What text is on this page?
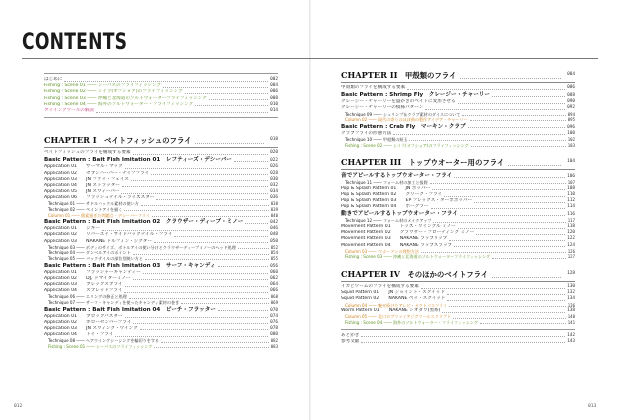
CONTENTS
はじめに	002
Fishing : Scene 01 ―― シーバスのフライフィッシング	004
Fishing : Scene 02 ―― シイラ(オフショア)のフライフィッシング	006
Fishing : Scene 03 ―― 沖縄と北海道のソルトウォーターフライフィッシング	008
Fishing : Scene 04 ―― 海外のソルトウォーター・フライフィッシング	010
タイイングツールの解説	014
CHAPTER I　 ベイトフィッシュのフライ	018
ベイトフィッシュのフライを構成する要素	020
Basic Pattern : Bait Fish Imitation 01　レフティーズ・デシーバー	022
Application 01　　サーマル・マック	026
Application 02　　セブンハーバー・ナイフフライ	028
Application 03　　JN ファイ・フェイス	030
Application 04　　JN ストラッター	032
Application 05　　JN スウィーパー	034
Application 06　　フラッシュテイル・ライズスター	036
Technique 01 ―― サドルハックル素材の使い方	038
Technique 02 ―― ペイントアイを描く	039
Column 01 ―― 簡素過ぎた問題点・デシーバーフライ	040
Basic Pattern : Bait Fish Imitation 02　クラウザー・ディープ・ミノー	042
Application 01　　ジギー	046
Application 02　　リバーユイ・サイドバックテイル・フライ	048
Application 03　　NAKANE ドルフィン・ジグター	050
Technique 03 ―― ボディのサイズ、ボトルアイの使い分けとクラウザーディープミノーのヘッド処理	052
Technique 04 ―― ダンベルアイのポイント	054
Technique 05 ―― バックテイルの部位別使い方と	055
Basic Pattern : Bait Fish Imitation 03　サーフ・キャンディ	056
Application 01　　フラッシャーキャンディー	060
Application 02　　DJ, ドマイターミノー	062
Application 03　　ブレックスブライ	064
Application 04　　スプレッドフライ	066
Technique 06 ―― エリングの修正と処理	068
Technique 07 ―― サーフ・キャンディを使ったキャンディ素材の巻き	069
Basic Pattern : Bait Fish Imitation 04　ビーチ・フラッター	070
Application 01　　ブロックバスター	074
Application 02　　ホローセンバーフライ	076
Application 03　　JN スウィング・ウイング	078
Application 04　　トイ・フライ	080
Technique 08 ―― ヘアウイングシーシングを輪切りをする	082
Fishing : Scene 01 ―― シーバスのフライフィッシング	083
CHAPTER II　 甲殻類のフライ	084
甲殻類のフライを構成する要素	086
Basic Pattern : Shrimp Fly　クレージー・チャーリー	088
クレージー・チャーリーを盛かきのベイトに変形させる	090
クレージー・チャーリーの模様パターン	092
Technique 09 ―― シュリンプ＆クラブ素材のダイスについて	094
Column 02 ―― 現代の寄りのほぼ曲の製作アイデア・チャーリー	095
Basic Pattern : Crab Fly　マーキン・クラブ	096
クラブフライの形態方法	100
Technique 10 ―― 甲殻類の鉛玉	102
Fishing : Scene 02 ―― シイラ(オフショア)のフライフィッシング	103
CHAPTER III　 トップウオーター用のフライ	104
音でアピールするトップウオーター・フライ	106
Technique 11 ―― フォーム材の加工と扱際	107
Pop & Splash Pattern 01　　JN ポッパー	108
Pop & Splash Pattern 02　　クリーク・フライ	110
Pop & Splash Pattern 03　　EP フレックス・ターボポッパー	112
Pop & Splash Pattern 04　　ボーグラー	114
動きでアピールするトップウオーター・フライ	116
Technique 12 ―― フォーム材のメイクアップ	117
Movement Pattern 01　　トッズ・ワイングル ミノー	118
Movement Pattern 02　　クラウザー・フローティング ミノー	120
Movement Pattern 03　　NAKANE ラップリップ	122
Movement Pattern 04　　NAKANE ラップスラップ	124
Column 03 ―― マホードンの理想方法	126
Fishing : Scene 03 ―― 沖縄と北海道のソルトウォーターフライフィッシング	127
CHAPTER IV　 そのほかのベイトフライ	128
イカとワームのフライを構成する要素	130
Squid Pattern 01　　JN ジョイント・スクイッド	132
Squid Pattern 02　　NAKANE ベイ・スクイッド	134
Column 04 ―― 魅せ続けたアレビ・オクトパスフライ	136
Worm Pattern 01　　NAKANE シオダワ(黒系)	138
Column 05 ―― 北口ロブファイアジグツールスクリプト	140
Fishing : Scene 04 ―― 海外のソルトウォーター・フライフィッシング	141
あとがき	142
参考文献	143
012	013
